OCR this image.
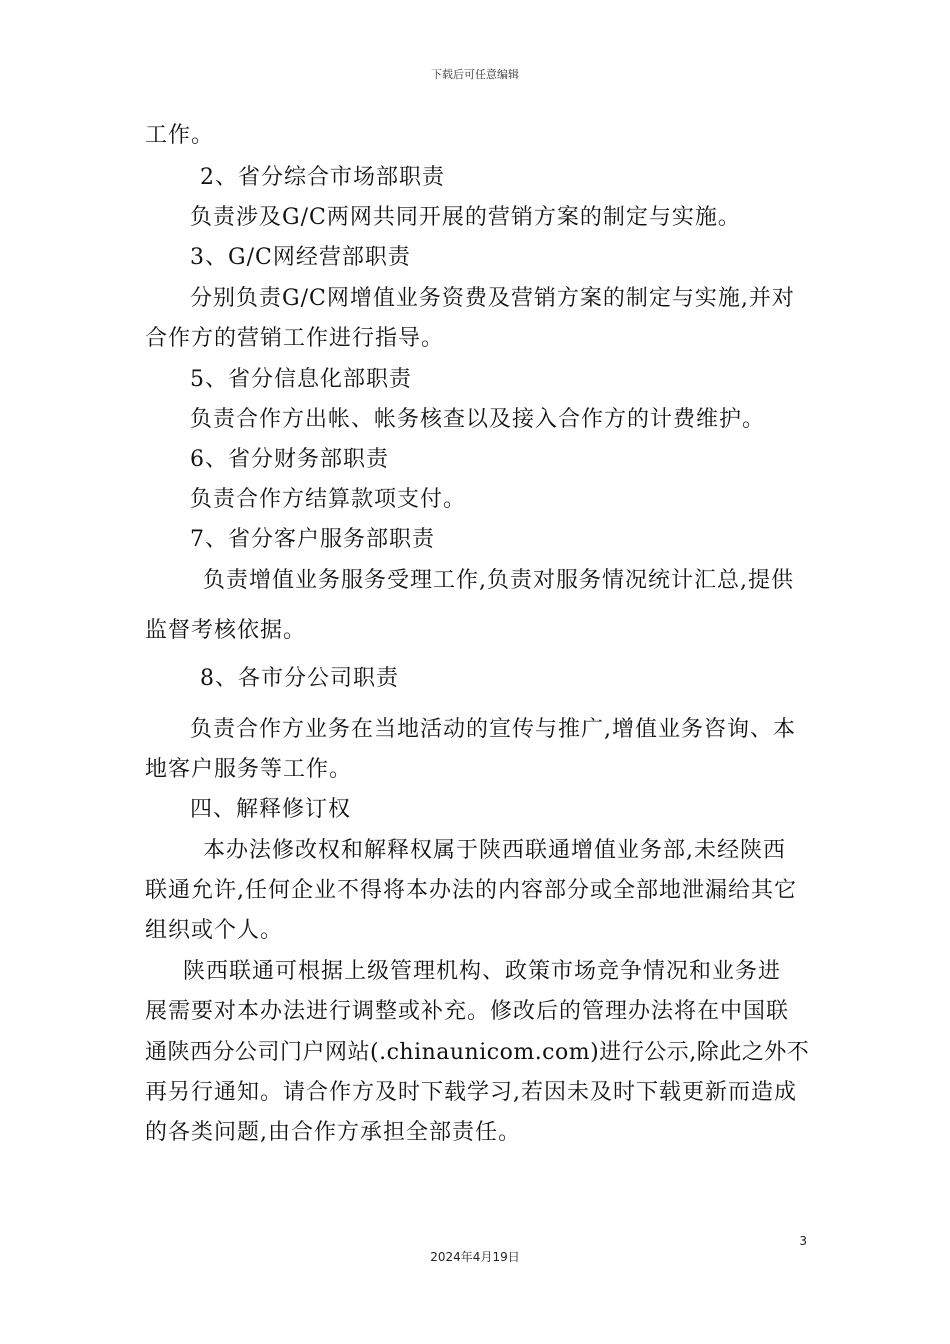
下载后可任意编辑
工作。
2、省分综合市场部职责
负责涉及G/C两网共同开展的营销方案的制定与实施。
3、G/C网经营部职责
分别负责G/C网增值业务资费及营销方案的制定与实施,并对
合作方的营销工作进行指导。
5、省分信息化部职责
负责合作方出帐、帐务核查以及接入合作方的计费维护。
6、省分财务部职责
负责合作方结算款项支付。
7、省分客户服务部职责
负责增值业务服务受理工作,负责对服务情况统计汇总,提供
监督考核依据。
8、各市分公司职责
负责合作方业务在当地活动的宣传与推广,增值业务咨询、本
地客户服务等工作。
四、解释修订权
本办法修改权和解释权属于陕西联通增值业务部,未经陕西
联通允许,任何企业不得将本办法的内容部分或全部地泄漏给其它
组织或个人。
陕西联通可根据上级管理机构、政策市场竞争情况和业务进
展需要对本办法进行调整或补充。修改后的管理办法将在中国联
通陕西分公司门户网站(.chinaunicom.com)进行公示,除此之外不
再另行通知。请合作方及时下载学习,若因未及时下载更新而造成
的各类问题,由合作方承担全部责任。
3
2024年4月19日
